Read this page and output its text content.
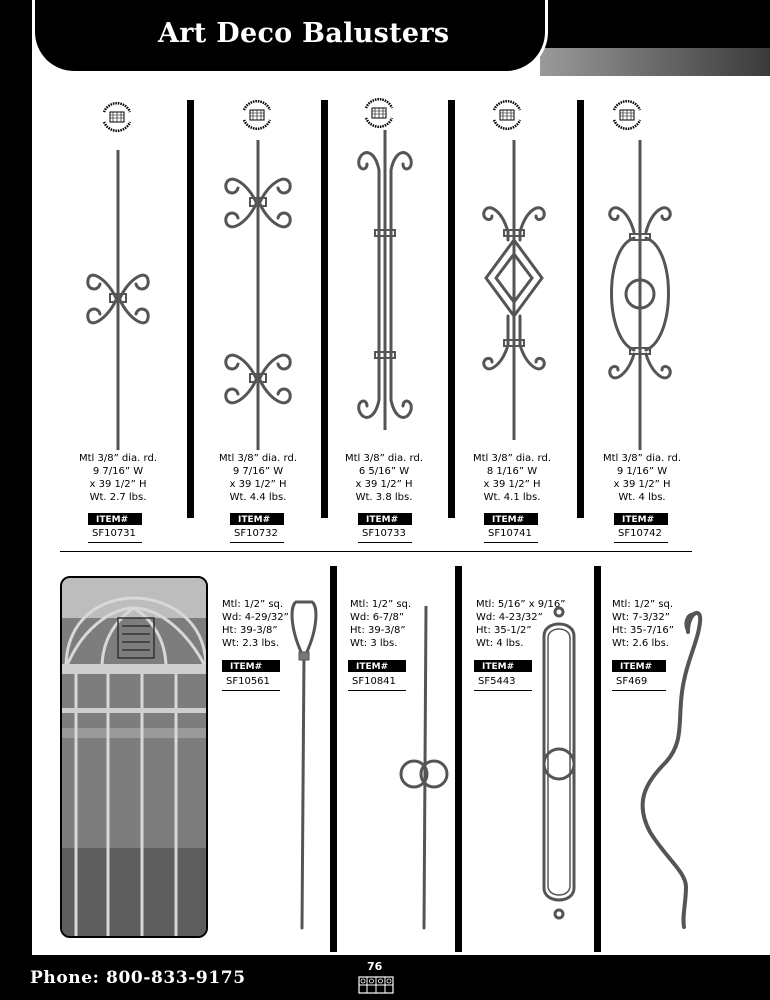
Art Deco Balusters
Mtl 3/8” dia. rd.
9 7/16” W
x 39 1/2” H
Wt. 2.7 lbs.
ITEM#
SF10731
Mtl 3/8” dia. rd.
9 7/16” W
x 39 1/2” H
Wt. 4.4 lbs.
ITEM#
SF10732
Mtl 3/8” dia. rd.
6 5/16” W
x 39 1/2” H
Wt. 3.8 lbs.
ITEM#
SF10733
Mtl 3/8” dia. rd.
8 1/16” W
x 39 1/2” H
Wt. 4.1 lbs.
ITEM#
SF10741
Mtl 3/8” dia. rd.
9 1/16” W
x 39 1/2” H
Wt. 4 lbs.
ITEM#
SF10742
Mtl: 1/2” sq.
Wd: 4-29/32”
Ht: 39-3/8”
Wt: 2.3 lbs.
ITEM#
SF10561
Mtl: 1/2” sq.
Wd: 6-7/8”
Ht: 39-3/8”
Wt: 3 lbs.
ITEM#
SF10841
Mtl: 5/16” x 9/16”
Wd: 4-23/32”
Ht: 35-1/2”
Wt: 4 lbs.
ITEM#
SF5443
Mtl: 1/2” sq.
Wt: 7-3/32”
Ht: 35-7/16”
Wt: 2.6 lbs.
ITEM#
SF469
Phone: 800-833-9175
76
